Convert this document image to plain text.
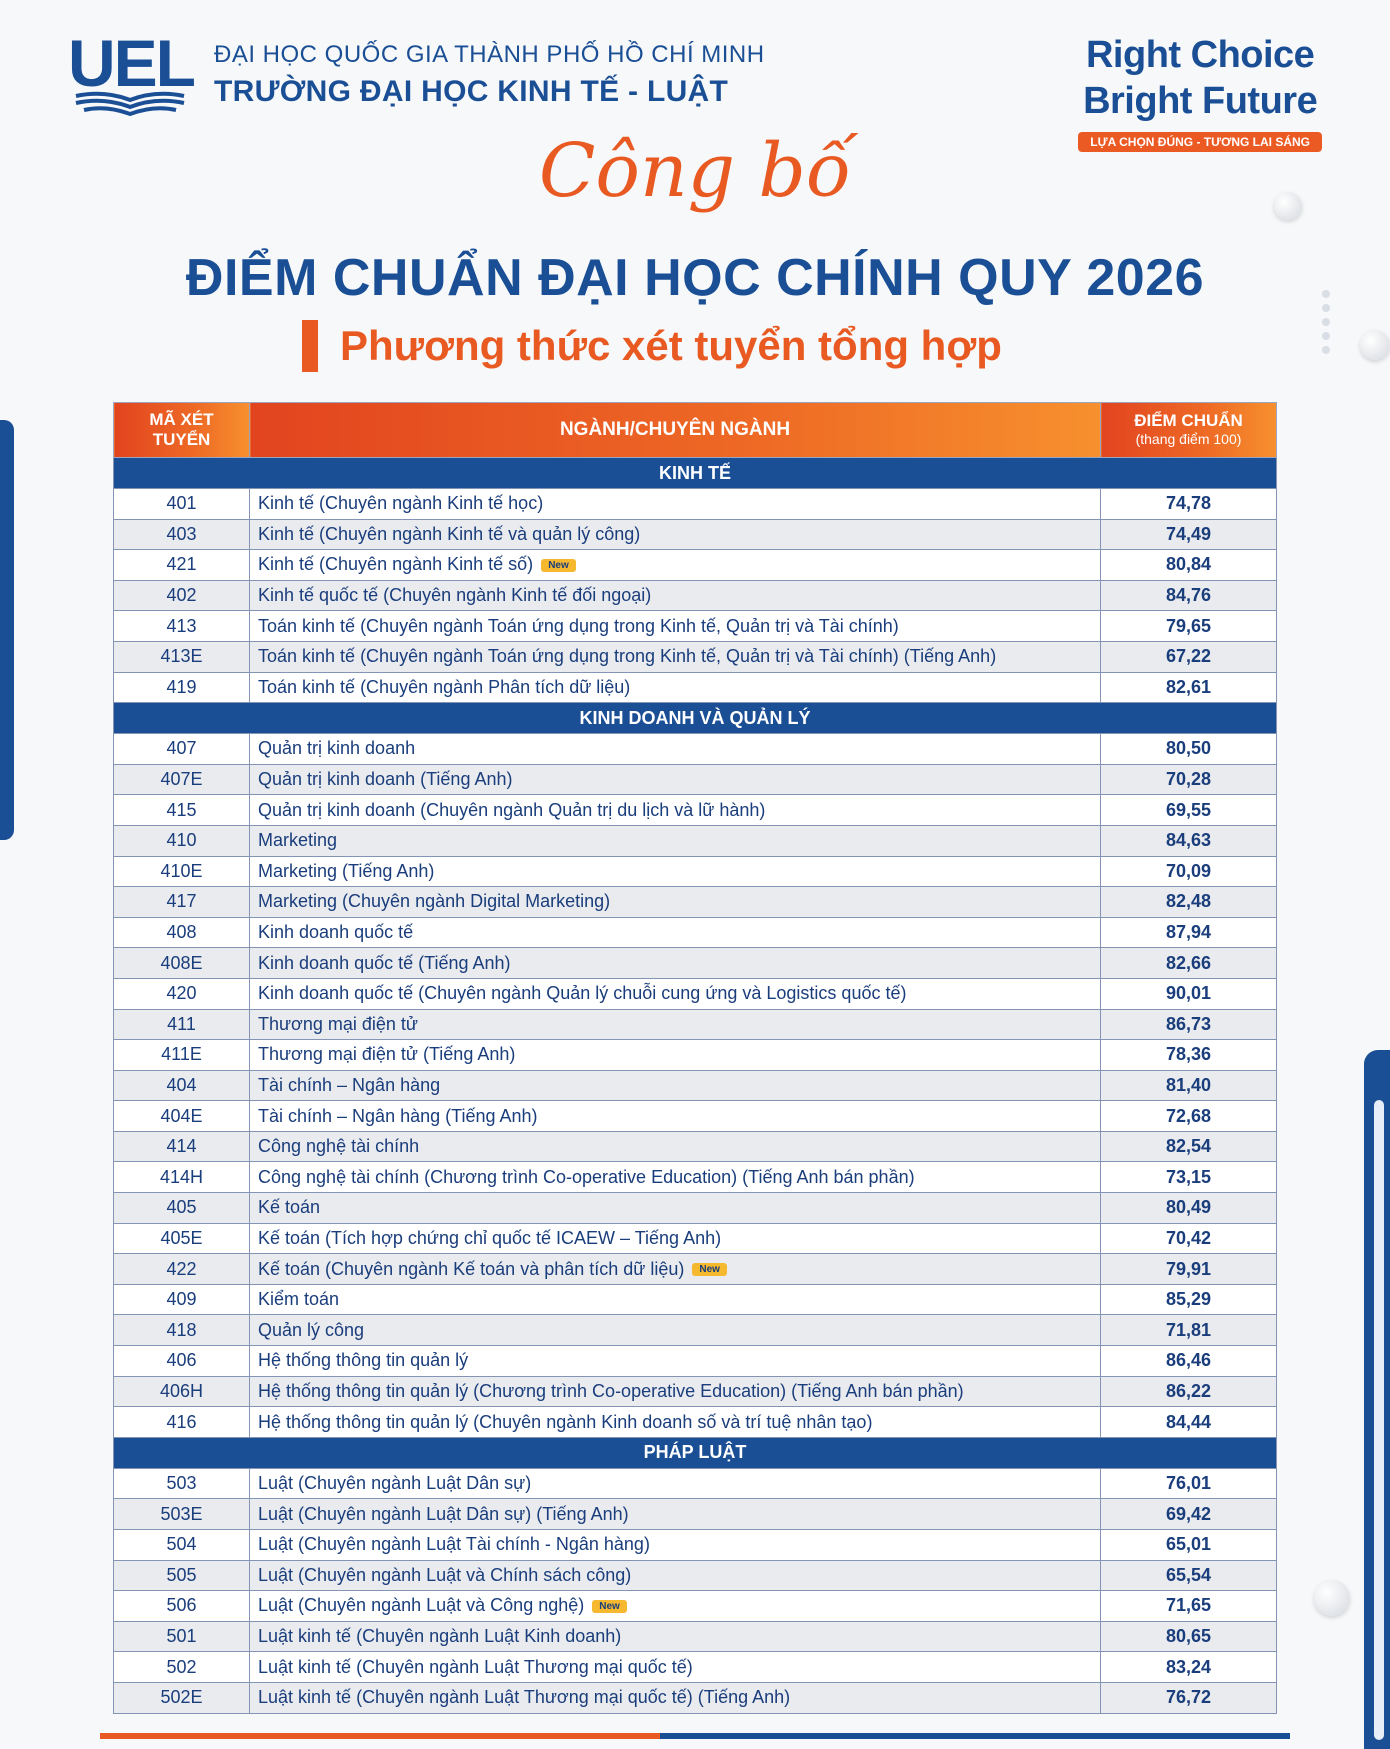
UEL ĐẠI HỌC QUỐC GIA THÀNH PHỐ HỒ CHÍ MINH
TRƯỜNG ĐẠI HỌC KINH TẾ - LUẬT
Right Choice
Bright Future
LỰA CHỌN ĐÚNG - TƯƠNG LAI SÁNG
Công bố
ĐIỂM CHUẨN ĐẠI HỌC CHÍNH QUY 2026
Phương thức xét tuyển tổng hợp
MÃ XÉT
TUYỂN	NGÀNH/CHUYÊN NGÀNH	ĐIỂM CHUẨN
(thang điểm 100)

KINH TẾ		
401	Kinh tế (Chuyên ngành Kinh tế học)	74,78
403	Kinh tế (Chuyên ngành Kinh tế và quản lý công)	74,49
421	Kinh tế (Chuyên ngành Kinh tế số) New	80,84
402	Kinh tế quốc tế (Chuyên ngành Kinh tế đối ngoại)	84,76
413	Toán kinh tế (Chuyên ngành Toán ứng dụng trong Kinh tế, Quản trị và Tài chính)	79,65
413E	Toán kinh tế (Chuyên ngành Toán ứng dụng trong Kinh tế, Quản trị và Tài chính) (Tiếng Anh)	67,22
419	Toán kinh tế (Chuyên ngành Phân tích dữ liệu)	82,61
KINH DOANH VÀ QUẢN LÝ		
407	Quản trị kinh doanh	80,50
407E	Quản trị kinh doanh (Tiếng Anh)	70,28
415	Quản trị kinh doanh (Chuyên ngành Quản trị du lịch và lữ hành)	69,55
410	Marketing	84,63
410E	Marketing (Tiếng Anh)	70,09
417	Marketing (Chuyên ngành Digital Marketing)	82,48
408	Kinh doanh quốc tế	87,94
408E	Kinh doanh quốc tế (Tiếng Anh)	82,66
420	Kinh doanh quốc tế (Chuyên ngành Quản lý chuỗi cung ứng và Logistics quốc tế)	90,01
411	Thương mại điện tử	86,73
411E	Thương mại điện tử (Tiếng Anh)	78,36
404	Tài chính – Ngân hàng	81,40
404E	Tài chính – Ngân hàng (Tiếng Anh)	72,68
414	Công nghệ tài chính	82,54
414H	Công nghệ tài chính (Chương trình Co-operative Education) (Tiếng Anh bán phần)	73,15
405	Kế toán	80,49
405E	Kế toán (Tích hợp chứng chỉ quốc tế ICAEW – Tiếng Anh)	70,42
422	Kế toán (Chuyên ngành Kế toán và phân tích dữ liệu) New	79,91
409	Kiểm toán	85,29
418	Quản lý công	71,81
406	Hệ thống thông tin quản lý	86,46
406H	Hệ thống thông tin quản lý (Chương trình Co-operative Education) (Tiếng Anh bán phần)	86,22
416	Hệ thống thông tin quản lý (Chuyên ngành Kinh doanh số và trí tuệ nhân tạo)	84,44
PHÁP LUẬT		
503	Luật (Chuyên ngành Luật Dân sự)	76,01
503E	Luật (Chuyên ngành Luật Dân sự) (Tiếng Anh)	69,42
504	Luật (Chuyên ngành Luật Tài chính - Ngân hàng)	65,01
505	Luật (Chuyên ngành Luật và Chính sách công)	65,54
506	Luật (Chuyên ngành Luật và Công nghệ) New	71,65
501	Luật kinh tế (Chuyên ngành Luật Kinh doanh)	80,65
502	Luật kinh tế (Chuyên ngành Luật Thương mại quốc tế)	83,24
502E	Luật kinh tế (Chuyên ngành Luật Thương mại quốc tế) (Tiếng Anh)	76,72
